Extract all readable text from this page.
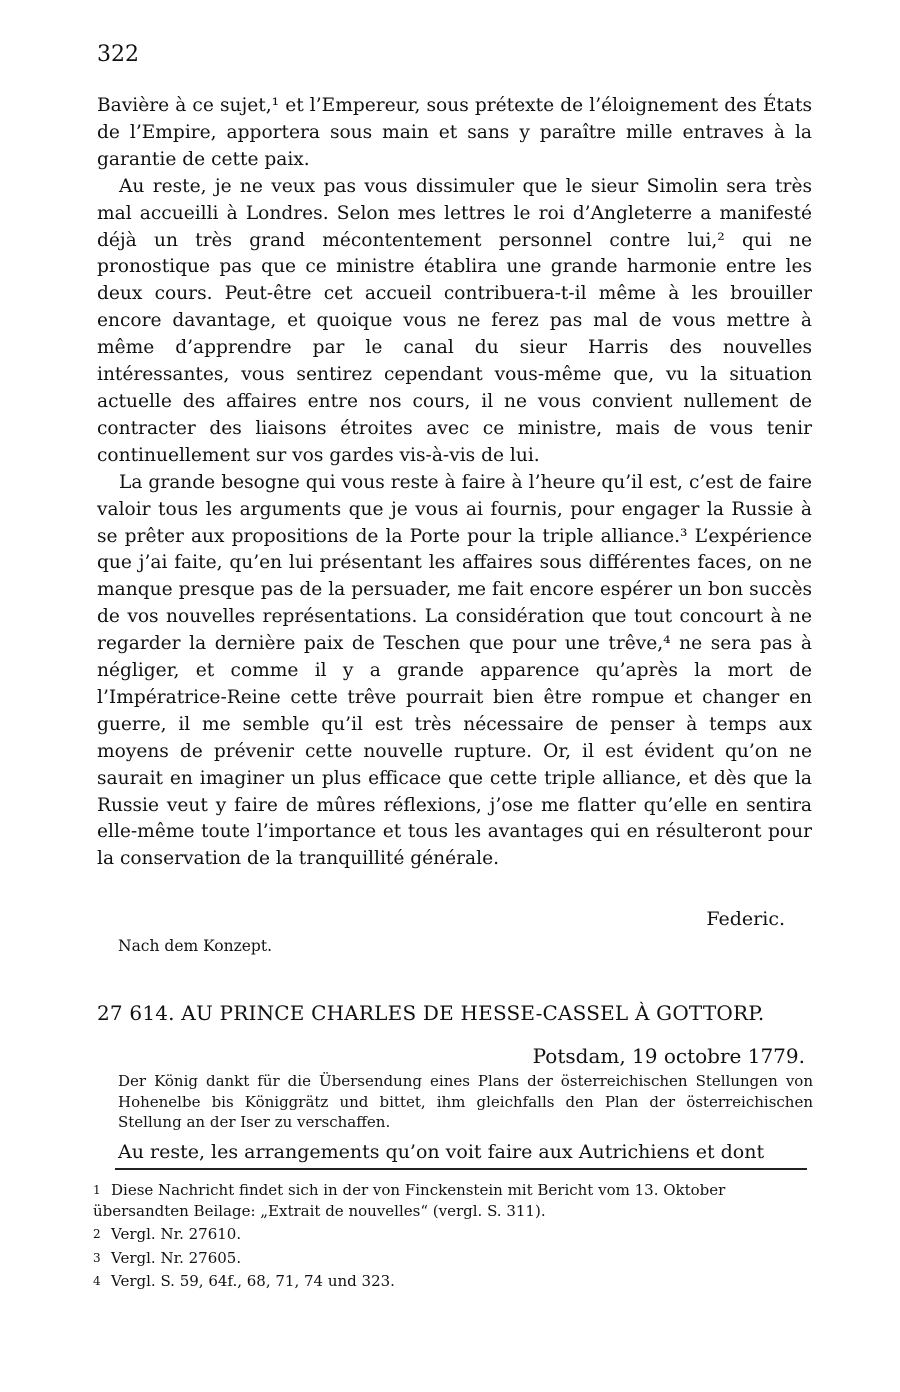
322

Bavière à ce sujet,¹ et l’Empereur, sous prétexte de l’éloignement des États de l’Empire, apportera sous main et sans y paraître mille entraves à la garantie de cette paix.

Au reste, je ne veux pas vous dissimuler que le sieur Simolin sera très mal accueilli à Londres. Selon mes lettres le roi d’Angleterre a manifesté déjà un très grand mécontentement personnel contre lui,² qui ne pronostique pas que ce ministre établira une grande harmonie entre les deux cours. Peut-être cet accueil contribuera-t-il même à les brouiller encore davantage, et quoique vous ne ferez pas mal de vous mettre à même d’apprendre par le canal du sieur Harris des nouvelles intéressantes, vous sentirez cependant vous-même que, vu la situation actuelle des affaires entre nos cours, il ne vous convient nullement de contracter des liaisons étroites avec ce ministre, mais de vous tenir continuellement sur vos gardes vis-à-vis de lui.

La grande besogne qui vous reste à faire à l’heure qu’il est, c’est de faire valoir tous les arguments que je vous ai fournis, pour engager la Russie à se prêter aux propositions de la Porte pour la triple alliance.³ L’expérience que j’ai faite, qu’en lui présentant les affaires sous différentes faces, on ne manque presque pas de la persuader, me fait encore espérer un bon succès de vos nouvelles représentations. La considération que tout concourt à ne regarder la dernière paix de Teschen que pour une trêve,⁴ ne sera pas à négliger, et comme il y a grande apparence qu’après la mort de l’Impératrice-Reine cette trêve pourrait bien être rompue et changer en guerre, il me semble qu’il est très nécessaire de penser à temps aux moyens de prévenir cette nouvelle rupture. Or, il est évident qu’on ne saurait en imaginer un plus efficace que cette triple alliance, et dès que la Russie veut y faire de mûres réflexions, j’ose me flatter qu’elle en sentira elle-même toute l’importance et tous les avantages qui en résulteront pour la conservation de la tranquillité générale.

Federic.
Nach dem Konzept.
27 614. AU PRINCE CHARLES DE HESSE-CASSEL À GOTTORP.
Potsdam, 19 octobre 1779.
Der König dankt für die Übersendung eines Plans der österreichischen Stellungen von Hohenelbe bis Königgrätz und bittet, ihm gleichfalls den Plan der österreichischen Stellung an der Iser zu verschaffen.
Au reste, les arrangements qu’on voit faire aux Autrichiens et dont
1 Diese Nachricht findet sich in der von Finckenstein mit Bericht vom 13. Oktober übersandten Beilage: „Extrait de nouvelles“ (vergl. S. 311).
2 Vergl. Nr. 27610.
3 Vergl. Nr. 27605.
4 Vergl. S. 59, 64f., 68, 71, 74 und 323.
